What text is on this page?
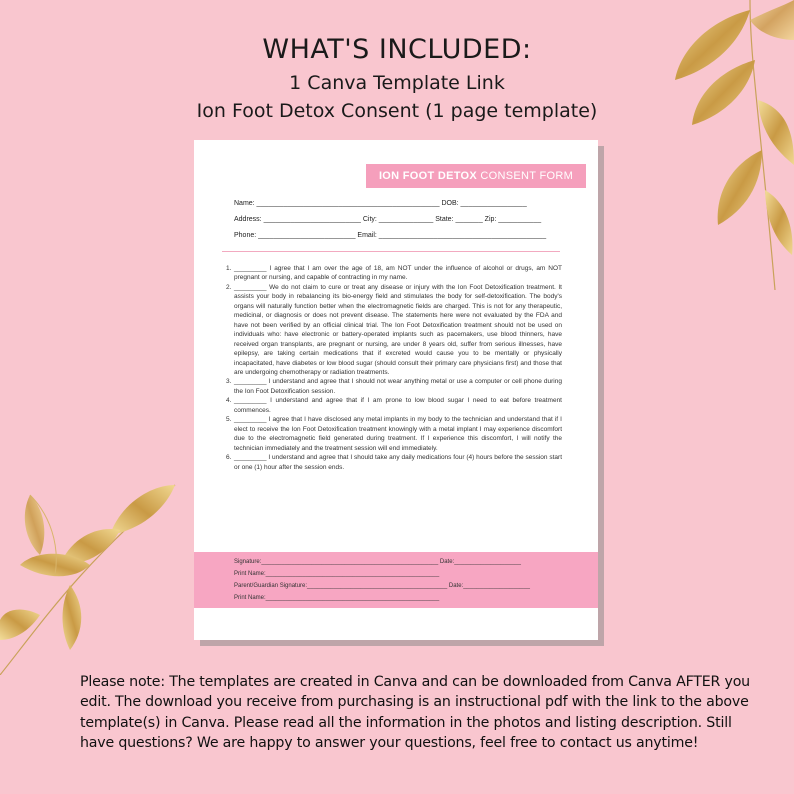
WHAT'S INCLUDED:
1 Canva Template Link
Ion Foot Detox Consent (1 page template)
ION FOOT DETOX CONSENT FORM
Name: _______________________________________________ DOB: _________________
Address: _________________________ City: ______________ State: _______ Zip: ___________
Phone: _________________________ Email: ___________________________________________
1. _________ I agree that I am over the age of 18, am NOT under the influence of alcohol or drugs, am NOT pregnant or nursing, and capable of contracting in my name.
2. _________ We do not claim to cure or treat any disease or injury with the Ion Foot Detoxification treatment. It assists your body in rebalancing its bio-energy field and stimulates the body for self-detoxification. The body's organs will naturally function better when the electromagnetic fields are charged. This is not for any therapeutic, medicinal, or diagnosis or does not prevent disease. The statements here were not evaluated by the FDA and have not been verified by an official clinical trial. The Ion Foot Detoxification treatment should not be used on individuals who: have electronic or battery-operated implants such as pacemakers, use blood thinners, have received organ transplants, are pregnant or nursing, are under 8 years old, suffer from serious illnesses, have epilepsy, are taking certain medications that if excreted would cause you to be mentally or physically incapacitated, have diabetes or low blood sugar (should consult their primary care physicians first) and those that are undergoing chemotherapy or radiation treatments.
3. _________ I understand and agree that I should not wear anything metal or use a computer or cell phone during the Ion Foot Detoxification session.
4. _________ I understand and agree that if I am prone to low blood sugar I need to eat before treatment commences.
5. _________ I agree that I have disclosed any metal implants in my body to the technician and understand that if I elect to receive the Ion Foot Detoxification treatment knowingly with a metal implant I may experience discomfort due to the electromagnetic field generated during treatment. If I experience this discomfort, I will notify the technician immediately and the treatment session will end immediately.
6. _________ I understand and agree that I should take any daily medications four (4) hours before the session start or one (1) hour after the session ends.
Signature:_____________________________________________________ Date:____________________
Print Name:____________________________________________________
Parent/Guardian Signature:__________________________________________ Date:____________________
Print Name:____________________________________________________
Please note: The templates are created in Canva and can be downloaded from Canva AFTER you edit. The download you receive from purchasing is an instructional pdf with the link to the above template(s) in Canva. Please read all the information in the photos and listing description. Still have questions? We are happy to answer your questions, feel free to contact us anytime!
